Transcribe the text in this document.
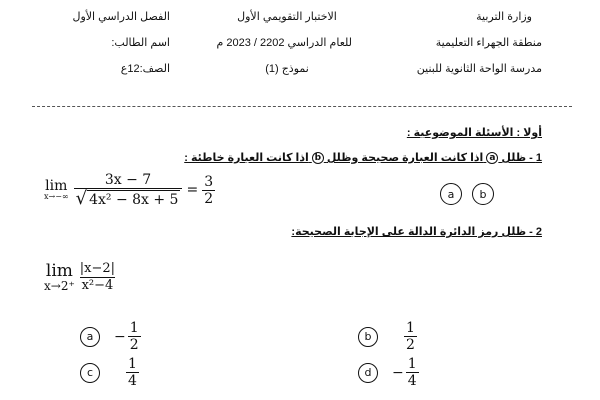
وزارة التربية
منطقة الجهراء التعليمية
مدرسة الواحة الثانوية للبنين
الاختبار التقويمي الأول
للعام الدراسي 2202 / 2023 م
نموذج (1)
الفصل الدراسي الأول
اسم الطالب:
الصف:12ع
أولا : الأسئلة الموضوعية :
1 - ظلل a اذا كانت العبارة صحيحة وظلل b اذا كانت العبارة خاطئة :
a	b
lim
$x\to-\infty \frac{3x - 7}{\text{√ 4x² − 8x + 5}} = \frac{3}{2}$
2 - ظلل رمز الدائرة الدالة على الإجابة الصحيحة:
lim
$x\to 2^+ \frac{|x-2|}{\text{x²−4}}$
a	− $\frac{1}{2}$	b	$\frac{1}{2}$
c	$\frac{1}{4}$	d	− $\frac{1}{4}$
